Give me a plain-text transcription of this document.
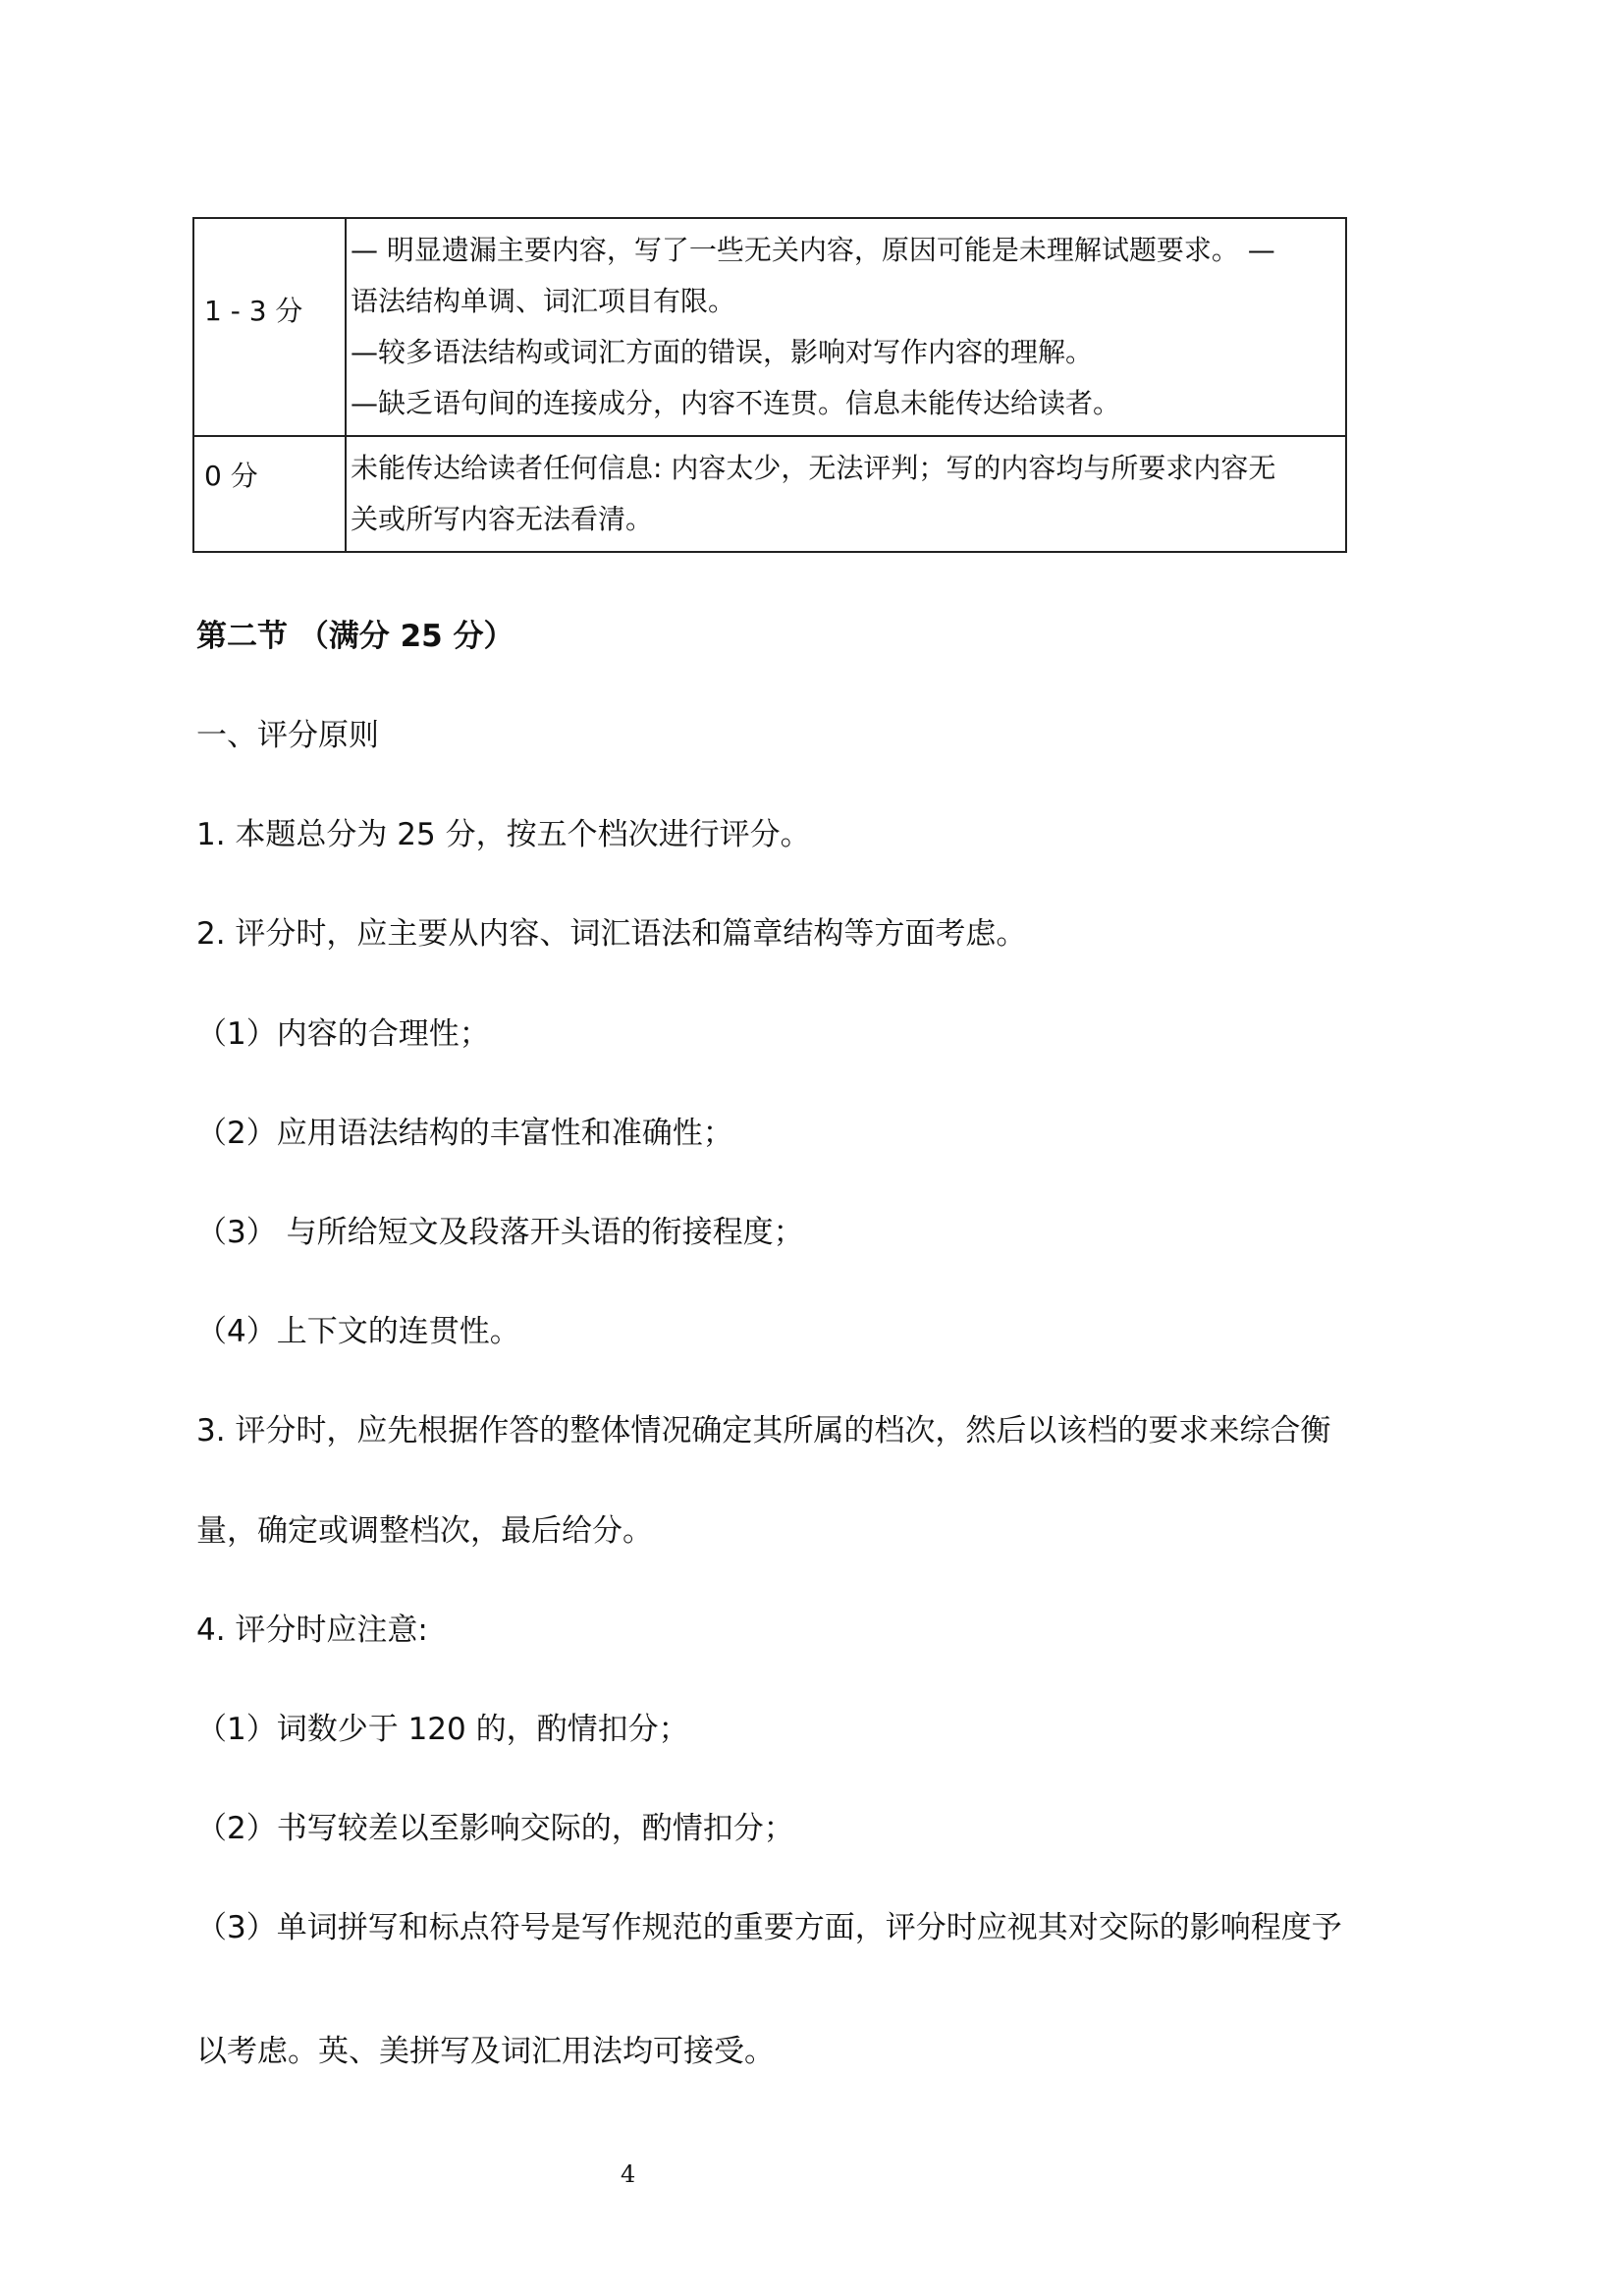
1 - 3 分	— 明显遗漏主要内容，写了一些无关内容，原因可能是未理解试题要求。 —
语法结构单调、词汇项目有限。
—较多语法结构或词汇方面的错误，影响对写作内容的理解。
—缺乏语句间的连接成分，内容不连贯。信息未能传达给读者。

0 分	未能传达给读者任何信息: 内容太少，无法评判；写的内容均与所要求内容无
关或所写内容无法看清。
第二节 （满分 25 分）
一、评分原则
1. 本题总分为 25 分，按五个档次进行评分。
2. 评分时，应主要从内容、词汇语法和篇章结构等方面考虑。
（1）内容的合理性；
（2）应用语法结构的丰富性和准确性；
（3） 与所给短文及段落开头语的衔接程度；
（4）上下文的连贯性。
3. 评分时，应先根据作答的整体情况确定其所属的档次，然后以该档的要求来综合衡
量，确定或调整档次，最后给分。
4. 评分时应注意:
（1）词数少于 120 的，酌情扣分；
（2）书写较差以至影响交际的，酌情扣分；
（3）单词拼写和标点符号是写作规范的重要方面，评分时应视其对交际的影响程度予
以考虑。英、美拼写及词汇用法均可接受。
4
